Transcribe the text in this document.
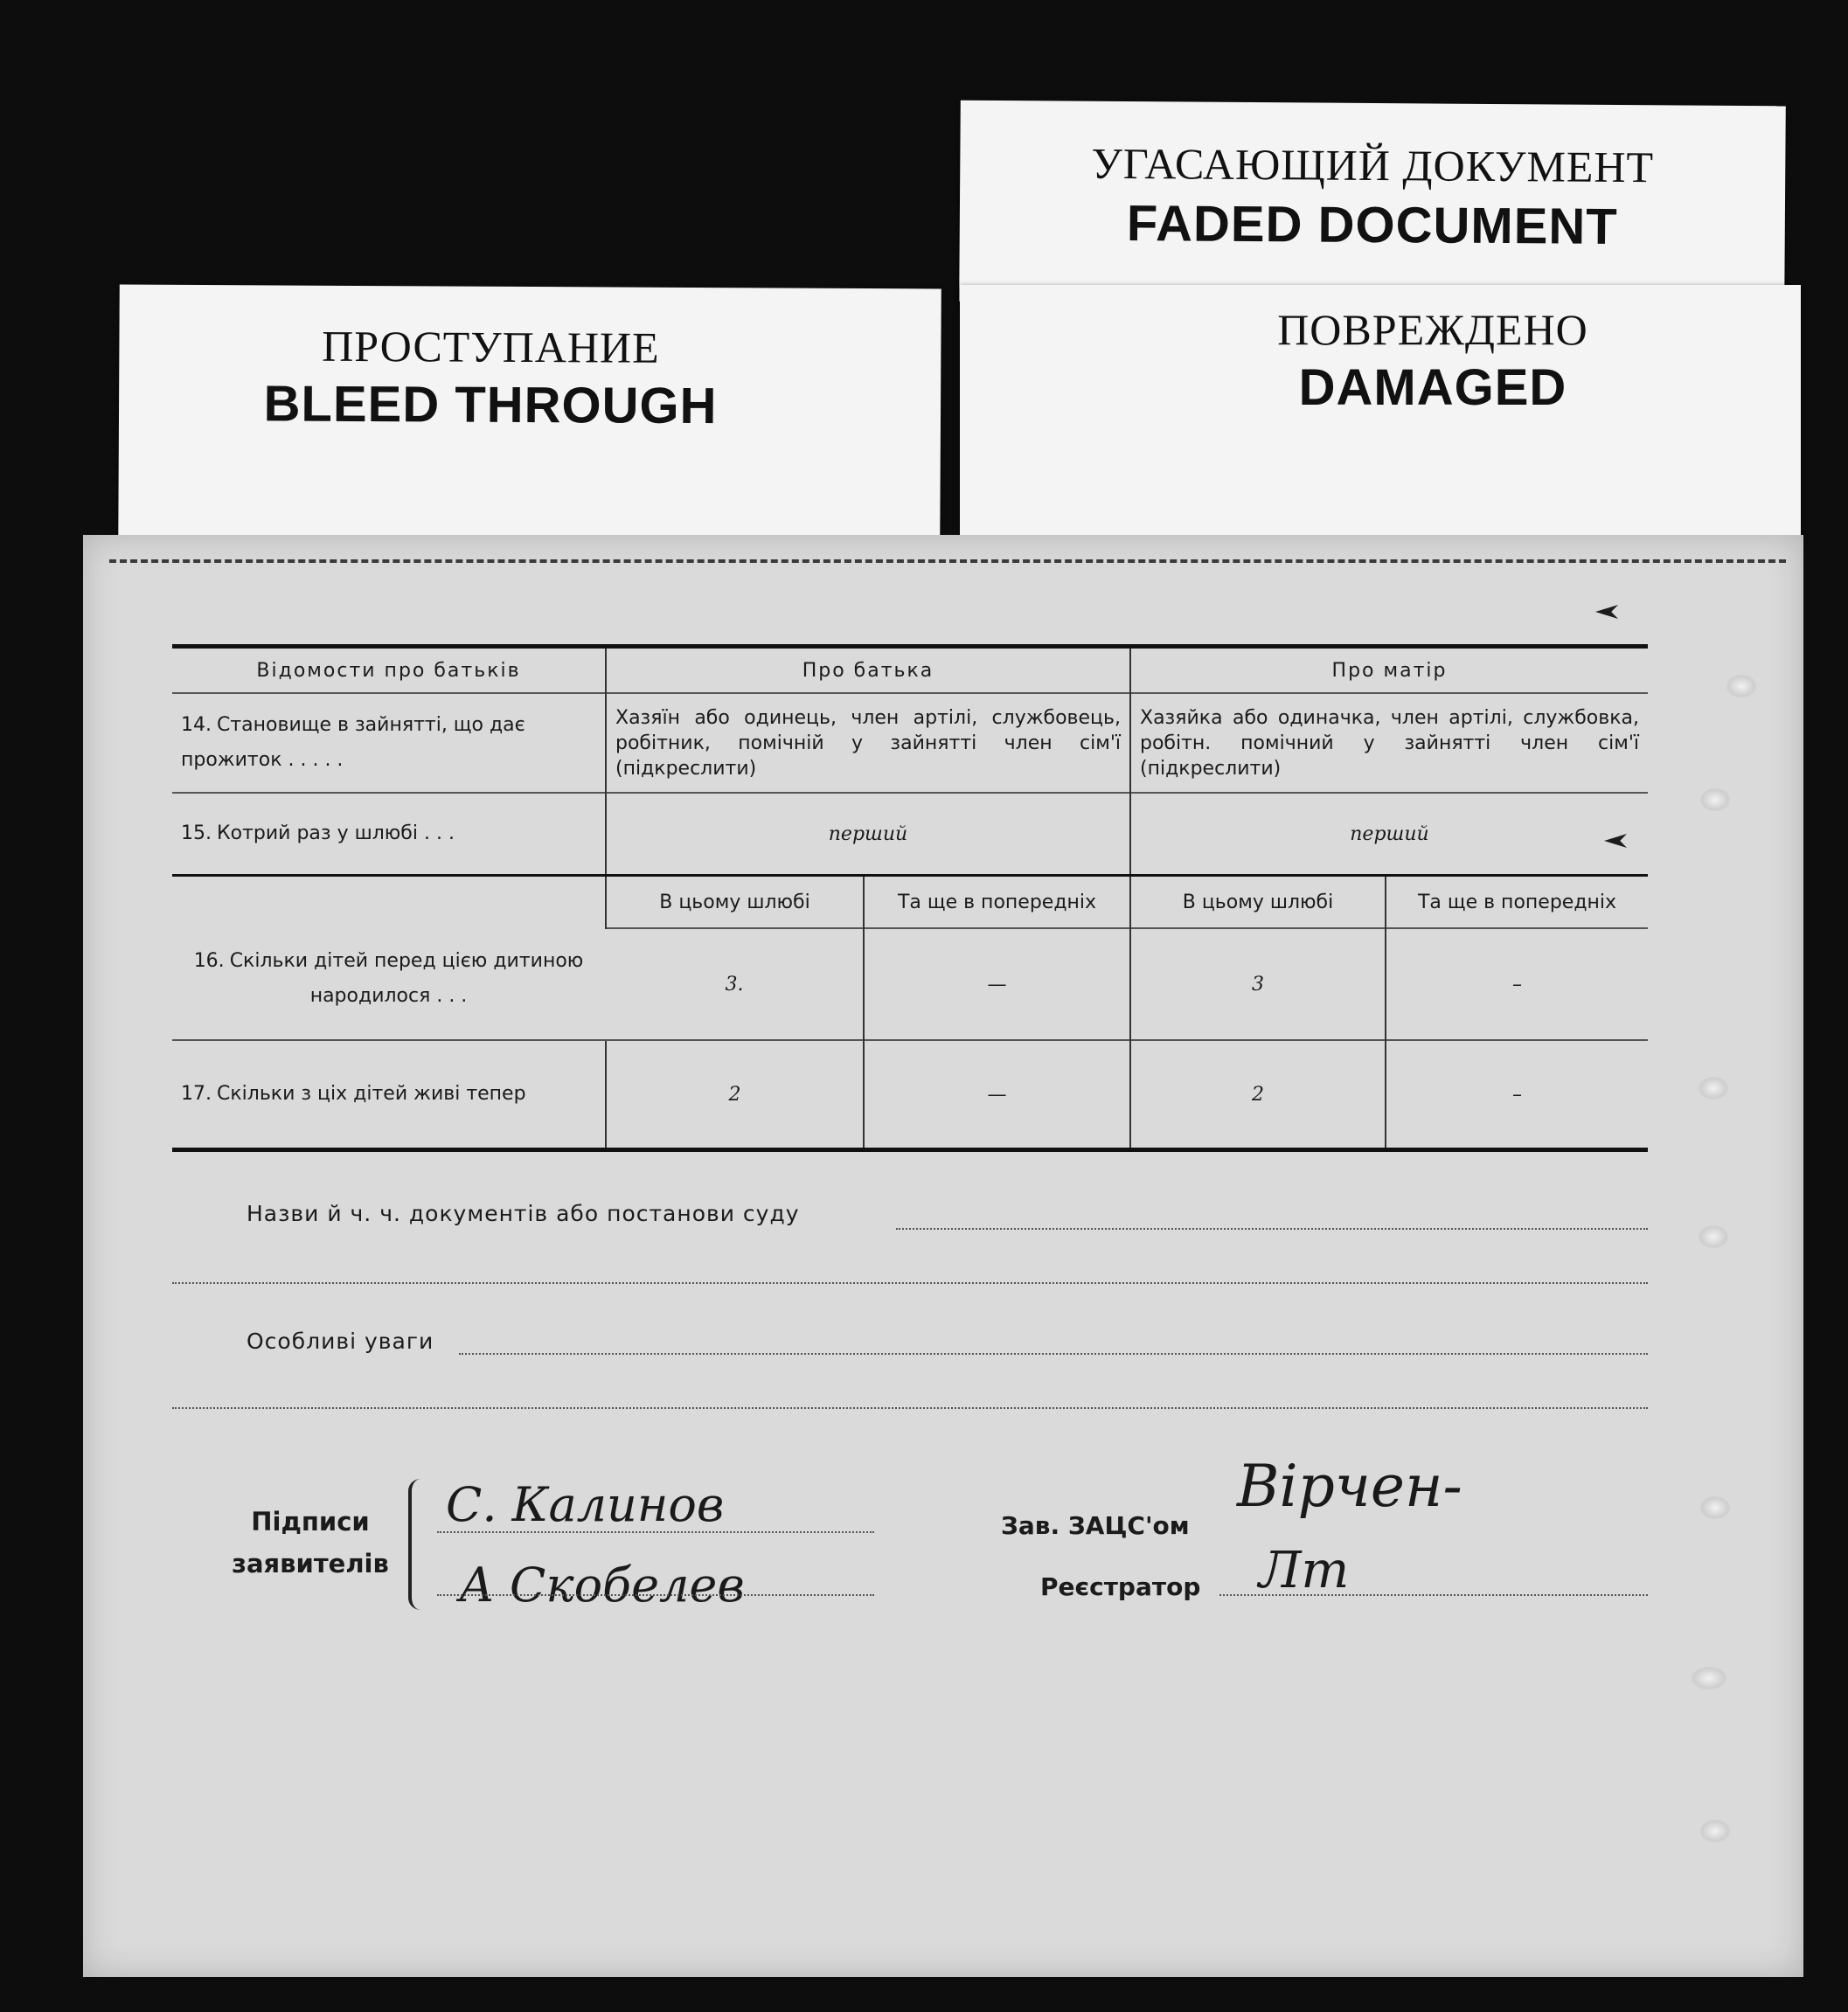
УГАСАЮЩИЙ ДОКУМЕНТ
FADED DOCUMENT
ПОВРЕЖДЕНО
DAMAGED
ПРОСТУПАНИЕ
BLEED THROUGH
Відомости про батьків	Про батька		Про матір	
14. Становище в зайнятті, що дає прожиток . . . . .	Хазяїн або одинець, член артілі, службовець, робітник, помічній у зайнятті член сім'ї (підкреслити)		Хазяйка або одиначка, член артілі, службовка, робітн. помічний у зайнятті член сім'ї (підкреслити)	
15. Котрий раз у шлюбі . . .	перший		перший	

16. Скільки дітей перед цією дитиною народилося . . .	В цьому шлюбі	Та ще в попередніх	В цьому шлюбі	Та ще в попередніх
	3.	—	3	–
17. Скільки з ціх дітей живі тепер	2	—	2	–
Назви й ч. ч. документів або постанови суду
Особливі уваги
Підписи заявителів
С. Калинов
А Скобелев
Зав. ЗАЦС'ом
Вірчен-
Реєстратор Лт
